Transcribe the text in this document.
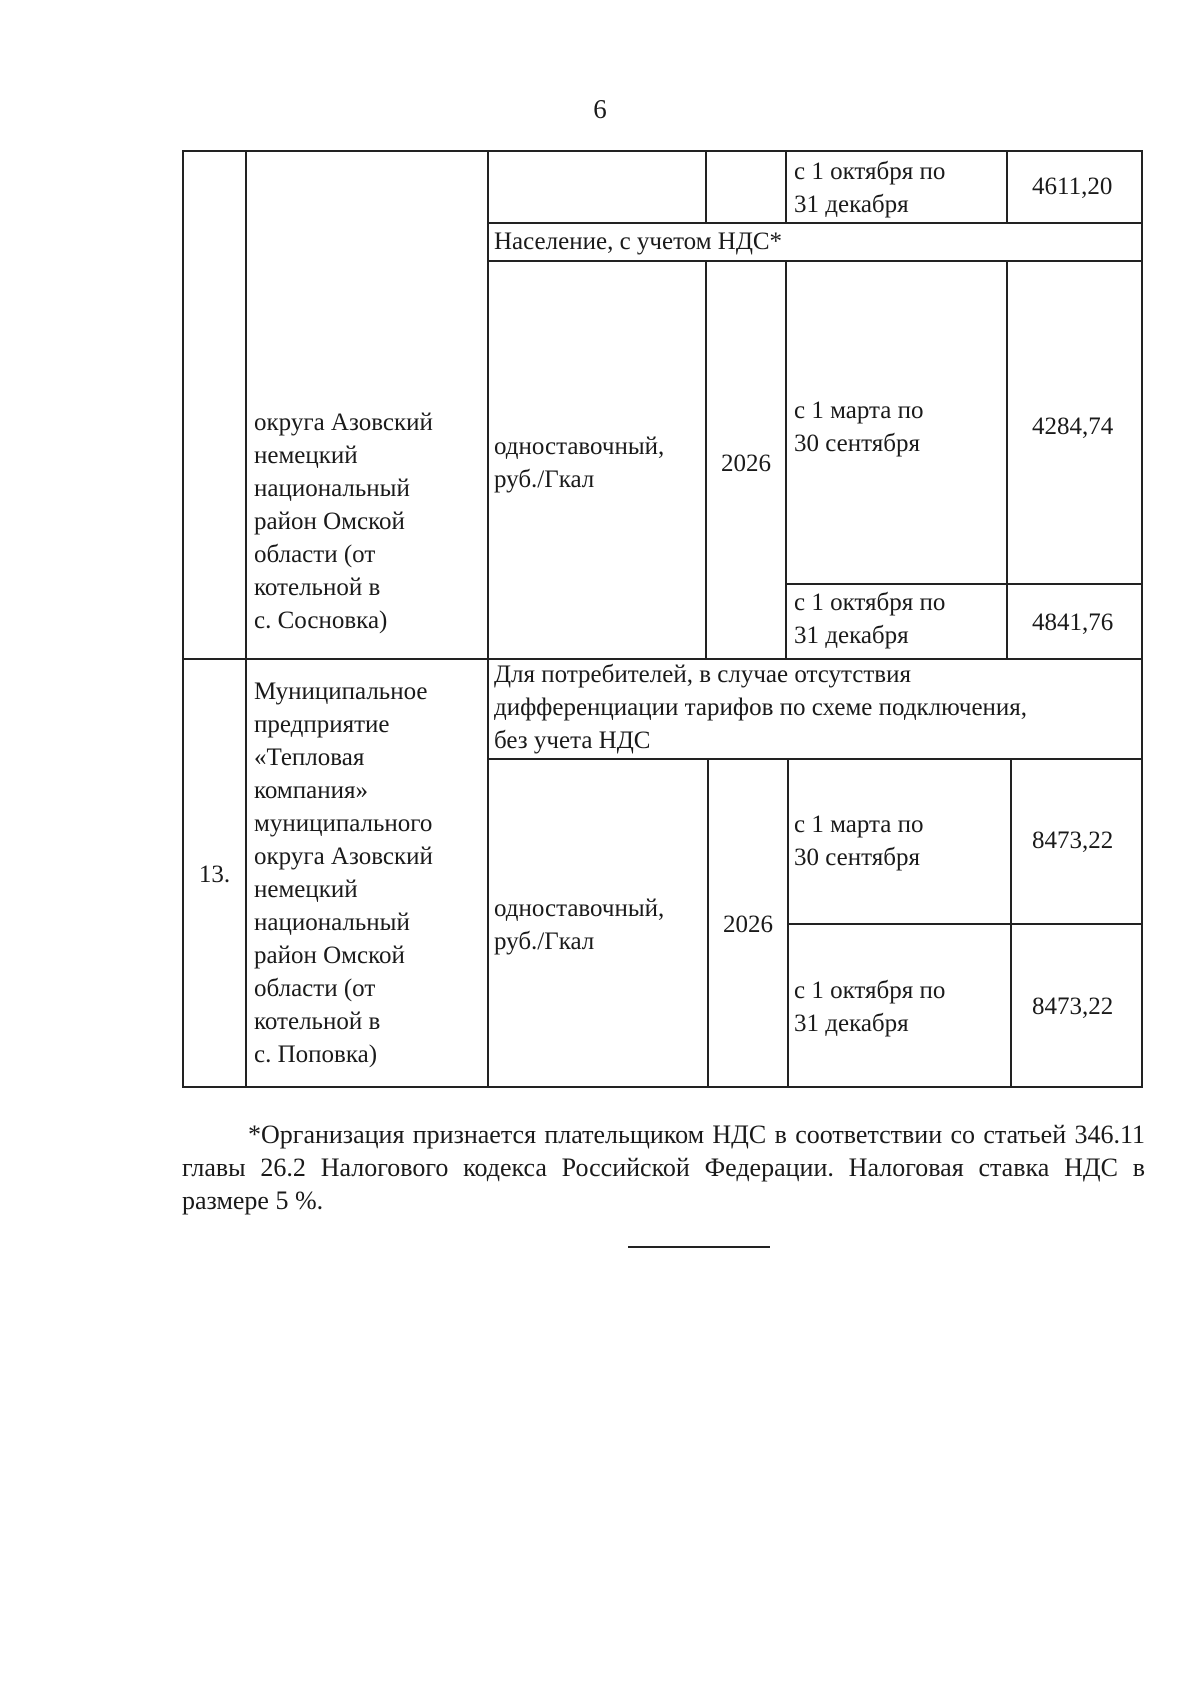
6
округа Азовский
немецкий
национальный
район Омской
области (от
котельной в
с. Сосновка)
с 1 октября по
31 декабря
4611,20
Население, с учетом НДС*
одноставочный,
руб./Гкал
2026
с 1 марта по
30 сентября
4284,74
с 1 октября по
31 декабря	4841,76
13.
Муниципальное
предприятие
«Тепловая
компания»
муниципального
округа Азовский
немецкий
национальный
район Омской
области (от
котельной в
с. Поповка)
Для потребителей, в случае отсутствия
дифференциации тарифов по схеме подключения,
без учета НДС
одноставочный,
руб./Гкал
2026
с 1 марта по
30 сентября
8473,22
с 1 октября по
31 декабря
8473,22

*Организация признается плательщиком НДС в соответствии со статьей 346.11 главы 26.2 Налогового кодекса Российской Федерации. Налоговая ставка НДС в размере 5 %.
